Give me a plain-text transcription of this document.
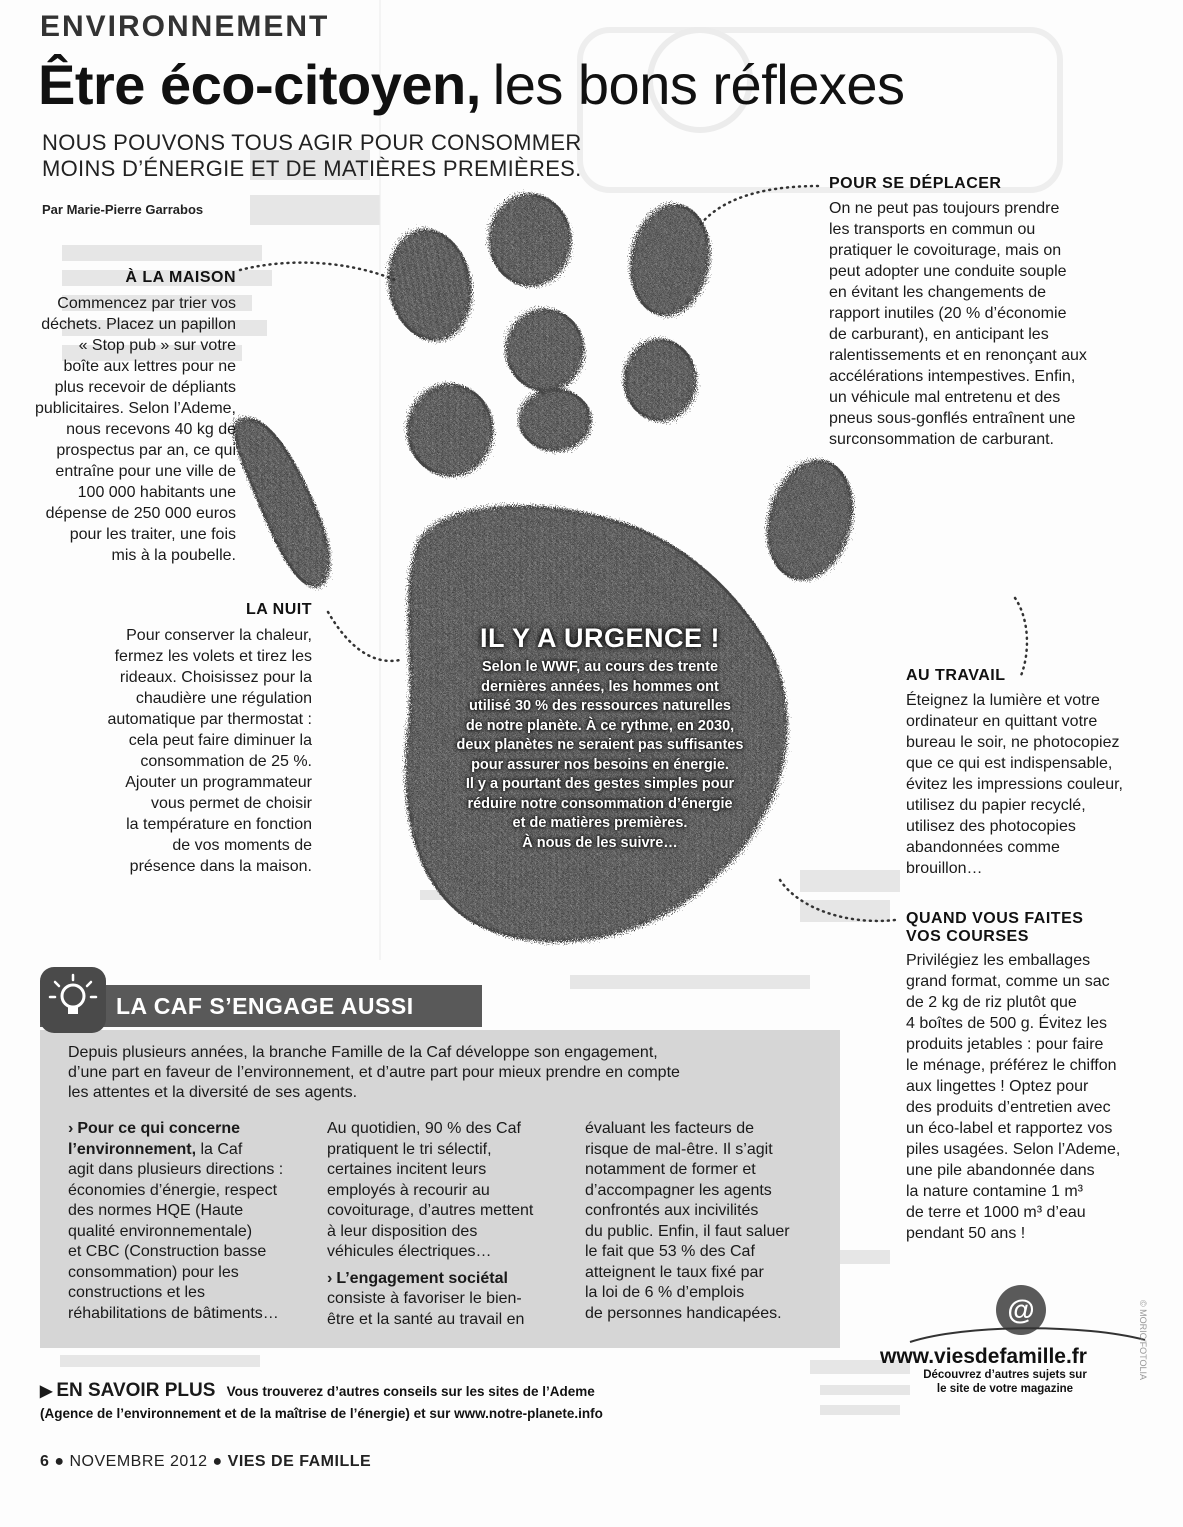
ENVIRONNEMENT
Être éco-citoyen, les bons réflexes
NOUS POUVONS TOUS AGIR POUR CONSOMMER
MOINS D’ÉNERGIE ET DE MATIÈRES PREMIÈRES.
Par Marie-Pierre Garrabos
À LA MAISON
Commencez par trier vos
déchets. Placez un papillon
« Stop pub » sur votre
boîte aux lettres pour ne
plus recevoir de dépliants
publicitaires. Selon l’Ademe,
nous recevons 40 kg de
prospectus par an, ce qui
entraîne pour une ville de
100 000 habitants une
dépense de 250 000 euros
pour les traiter, une fois
mis à la poubelle.
LA NUIT
Pour conserver la chaleur,
fermez les volets et tirez les
rideaux. Choisissez pour la
chaudière une régulation
automatique par thermostat :
cela peut faire diminuer la
consommation de 25 %.
Ajouter un programmateur
vous permet de choisir
la température en fonction
de vos moments de
présence dans la maison.
POUR SE DÉPLACER
On ne peut pas toujours prendre
les transports en commun ou
pratiquer le covoiturage, mais on
peut adopter une conduite souple
en évitant les changements de
rapport inutiles (20 % d’économie
de carburant), en anticipant les
ralentissements et en renonçant aux
accélérations intempestives. Enfin,
un véhicule mal entretenu et des
pneus sous-gonflés entraînent une
surconsommation de carburant.
AU TRAVAIL
Éteignez la lumière et votre
ordinateur en quittant votre
bureau le soir, ne photocopiez
que ce qui est indispensable,
évitez les impressions couleur,
utilisez du papier recyclé,
utilisez des photocopies
abandonnées comme
brouillon…
QUAND VOUS FAITES
VOS COURSES
Privilégiez les emballages
grand format, comme un sac
de 2 kg de riz plutôt que
4 boîtes de 500 g. Évitez les
produits jetables : pour faire
le ménage, préférez le chiffon
aux lingettes ! Optez pour
des produits d’entretien avec
un éco-label et rapportez vos
piles usagées. Selon l’Ademe,
une pile abandonnée dans
la nature contamine 1 m³
de terre et 1000 m³ d’eau
pendant 50 ans !
IL Y A URGENCE !
Selon le WWF, au cours des trente
dernières années, les hommes ont
utilisé 30 % des ressources naturelles
de notre planète. À ce rythme, en 2030,
deux planètes ne seraient pas suffisantes
pour assurer nos besoins en énergie.
Il y a pourtant des gestes simples pour
réduire notre consommation d’énergie
et de matières premières.
À nous de les suivre…
LA CAF S’ENGAGE AUSSI
Depuis plusieurs années, la branche Famille de la Caf développe son engagement,
d’une part en faveur de l’environnement, et d’autre part pour mieux prendre en compte
les attentes et la diversité de ses agents.
› Pour ce qui concerne
l’environnement, la Caf
agit dans plusieurs directions :
économies d’énergie, respect
des normes HQE (Haute
qualité environnementale)
et CBC (Construction basse
consommation) pour les
constructions et les
réhabilitations de bâtiments…
Au quotidien, 90 % des Caf
pratiquent le tri sélectif,
certaines incitent leurs
employés à recourir au
covoiturage, d’autres mettent
à leur disposition des
véhicules électriques…
› L’engagement sociétal
consiste à favoriser le bien-
être et la santé au travail en
évaluant les facteurs de
risque de mal-être. Il s’agit
notamment de former et
d’accompagner les agents
confrontés aux incivilités
du public. Enfin, il faut saluer
le fait que 53 % des Caf
atteignent le taux fixé par
la loi de 6 % d’emplois
de personnes handicapées.
▶ EN SAVOIR PLUS Vous trouverez d’autres conseils sur les sites de l’Ademe
(Agence de l’environnement et de la maîtrise de l’énergie) et sur www.notre-planete.info
@
www.viesdefamille.fr
Découvrez d’autres sujets sur
le site de votre magazine
© MORIC/FOTOLIA
6 ● NOVEMBRE 2012 ● VIES DE FAMILLE
